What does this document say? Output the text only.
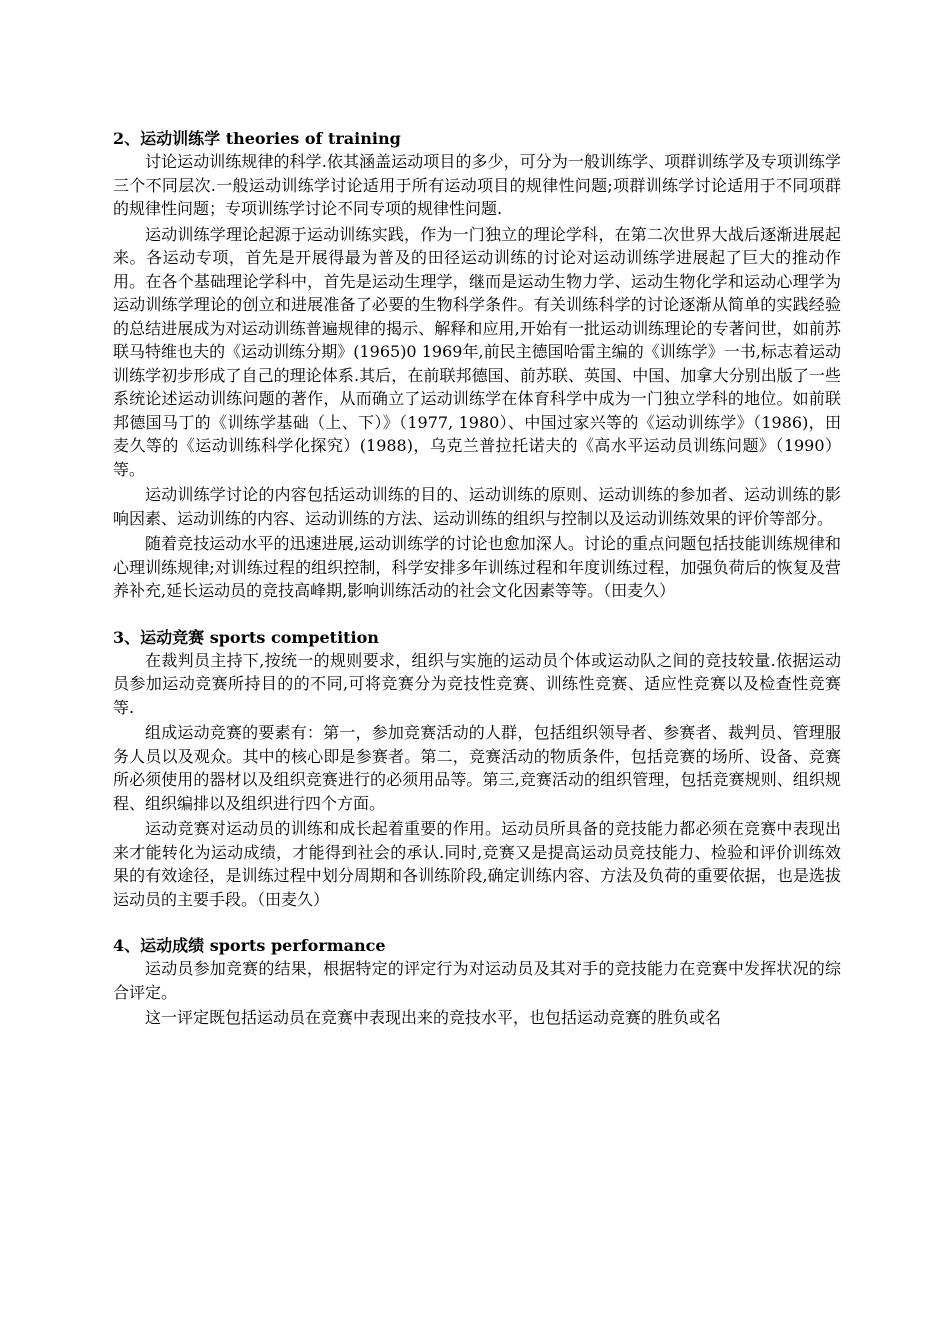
2、运动训练学 theories of training

讨论运动训练规律的科学.依其涵盖运动项目的多少，可分为一般训练学、项群训练学及专项训练学三个不同层次.一般运动训练学讨论适用于所有运动项目的规律性问题;项群训练学讨论适用于不同项群的规律性问题；专项训练学讨论不同专项的规律性问题.

运动训练学理论起源于运动训练实践，作为一门独立的理论学科，在第二次世界大战后逐渐进展起来。各运动专项，首先是开展得最为普及的田径运动训练的讨论对运动训练学进展起了巨大的推动作用。在各个基础理论学科中，首先是运动生理学，继而是运动生物力学、运动生物化学和运动心理学为运动训练学理论的创立和进展准备了必要的生物科学条件。有关训练科学的讨论逐渐从简单的实践经验的总结进展成为对运动训练普遍规律的揭示、解释和应用,开始有一批运动训练理论的专著问世，如前苏联马特维也夫的《运动训练分期》(1965)0 1969年,前民主德国哈雷主编的《训练学》一书,标志着运动训练学初步形成了自己的理论体系.其后，在前联邦德国、前苏联、英国、中国、加拿大分别出版了一些系统论述运动训练问题的著作，从而确立了运动训练学在体育科学中成为一门独立学科的地位。如前联邦德国马丁的《训练学基础（上、下）》（1977, 1980）、中国过家兴等的《运动训练学》（1986)，田麦久等的《运动训练科学化探究）(1988)，乌克兰普拉托诺夫的《高水平运动员训练问题》（1990）等。

运动训练学讨论的内容包括运动训练的目的、运动训练的原则、运动训练的参加者、运动训练的影响因素、运动训练的内容、运动训练的方法、运动训练的组织与控制以及运动训练效果的评价等部分。

随着竞技运动水平的迅速进展,运动训练学的讨论也愈加深人。讨论的重点问题包括技能训练规律和心理训练规律;对训练过程的组织控制，科学安排多年训练过程和年度训练过程，加强负荷后的恢复及营养补充,延长运动员的竞技高峰期,影响训练活动的社会文化因素等等。（田麦久）

3、运动竞赛 sports competition

在裁判员主持下,按统一的规则要求，组织与实施的运动员个体或运动队之间的竞技较量.依据运动员参加运动竞赛所持目的的不同,可将竞赛分为竞技性竞赛、训练性竞赛、适应性竞赛以及检查性竞赛等.

组成运动竞赛的要素有：第一，参加竞赛活动的人群，包括组织领导者、参赛者、裁判员、管理服务人员以及观众。其中的核心即是参赛者。第二，竞赛活动的物质条件，包括竞赛的场所、设备、竞赛所必须使用的器材以及组织竞赛进行的必须用品等。第三,竞赛活动的组织管理，包括竞赛规则、组织规程、组织编排以及组织进行四个方面。

运动竞赛对运动员的训练和成长起着重要的作用。运动员所具备的竞技能力都必须在竞赛中表现出来才能转化为运动成绩，才能得到社会的承认.同时,竞赛又是提高运动员竞技能力、检验和评价训练效果的有效途径，是训练过程中划分周期和各训练阶段,确定训练内容、方法及负荷的重要依据，也是选拔运动员的主要手段。（田麦久）

4、运动成绩 sports performance

运动员参加竞赛的结果，根据特定的评定行为对运动员及其对手的竞技能力在竞赛中发挥状况的综合评定。

这一评定既包括运动员在竞赛中表现出来的竞技水平，也包括运动竞赛的胜负或名
